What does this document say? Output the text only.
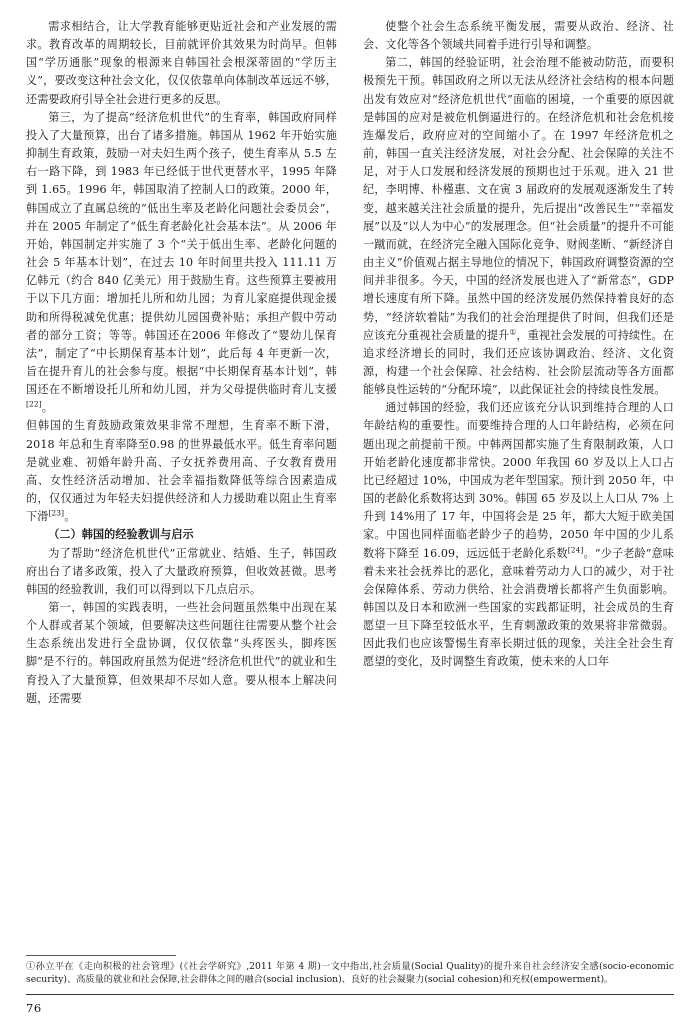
需求相结合，让大学教育能够更贴近社会和产业发展的需求。教育改革的周期较长，目前就评价其效果为时尚早。但韩国“学历通胀”现象的根源来自韩国社会根深蒂固的“学历主义”，要改变这种社会文化，仅仅依靠单向体制改革远远不够，还需要政府引导全社会进行更多的反思。

第三，为了提高“经济危机世代”的生育率，韩国政府同样投入了大量预算，出台了诸多措施。韩国从 1962 年开始实施抑制生育政策，鼓励一对夫妇生两个孩子，使生育率从 5.5 左右一路下降，到 1983 年已经低于世代更替水平，1995 年降到 1.65。1996 年，韩国取消了控制人口的政策。2000 年，韩国成立了直属总统的“低出生率及老龄化问题社会委员会”，并在 2005 年制定了“低生育老龄化社会基本法”。从 2006 年开始，韩国制定并实施了 3 个“关于低出生率、老龄化问题的社会 5 年基本计划”，在过去 10 年时间里共投入 111.11 万亿韩元（约合 840 亿美元）用于鼓励生育。这些预算主要被用于以下几方面：增加托儿所和幼儿园；为育儿家庭提供现金援助和所得税减免优惠；提供幼儿园国费补贴；承担产假中劳动者的部分工资；等等。韩国还在2006 年修改了“婴幼儿保育法”，制定了“中长期保育基本计划”，此后每 4 年更新一次，旨在提升育儿的社会参与度。根据“中长期保育基本计划”，韩国还在不断增设托儿所和幼儿园，并为父母提供临时育儿支援[22]。

但韩国的生育鼓励政策效果非常不理想，生育率不断下滑，2018 年总和生育率降至0.98 的世界最低水平。低生育率问题是就业难、初婚年龄升高、子女抚养费用高、子女教育费用高、女性经济活动增加、社会幸福指数降低等综合因素造成的，仅仅通过为年轻夫妇提供经济和人力援助难以阻止生育率下滑[23]。

（二）韩国的经验教训与启示

为了帮助“经济危机世代”正常就业、结婚、生子，韩国政府出台了诸多政策，投入了大量政府预算，但收效甚微。思考韩国的经验教训，我们可以得到以下几点启示。

第一，韩国的实践表明，一些社会问题虽然集中出现在某个人群或者某个领域，但要解决这些问题往往需要从整个社会生态系统出发进行全盘协调，仅仅依靠“头疼医头，脚疼医脚”是不行的。韩国政府虽然为促进“经济危机世代”的就业和生育投入了大量预算，但效果却不尽如人意。要从根本上解决问题，还需要

使整个社会生态系统平衡发展，需要从政治、经济、社会、文化等各个领域共同着手进行引导和调整。

第二，韩国的经验证明，社会治理不能被动防范，而要积极预先干预。韩国政府之所以无法从经济社会结构的根本问题出发有效应对“经济危机世代”面临的困境，一个重要的原因就是韩国的应对是被危机倒逼进行的。在经济危机和社会危机接连爆发后，政府应对的空间缩小了。在 1997 年经济危机之前，韩国一直关注经济发展，对社会分配、社会保障的关注不足，对于人口发展和经济发展的预期也过于乐观。进入 21 世纪，李明博、朴槿惠、文在寅 3 届政府的发展观逐渐发生了转变，越来越关注社会质量的提升，先后提出“改善民生”“幸福发展”以及“以人为中心”的发展理念。但“社会质量”的提升不可能一蹴而就，在经济完全融入国际化竞争、财阀垄断、“新经济自由主义”价值观占据主导地位的情况下，韩国政府调整资源的空间并非很多。今天，中国的经济发展也进入了“新常态”，GDP 增长速度有所下降。虽然中国的经济发展仍然保持着良好的态势，“经济软着陆”为我们的社会治理提供了时间，但我们还是应该充分重视社会质量的提升①，重视社会发展的可持续性。在追求经济增长的同时，我们还应该协调政治、经济、文化资源，构建一个社会保障、社会结构、社会阶层流动等各方面都能够良性运转的“分配环境”，以此保证社会的持续良性发展。

通过韩国的经验，我们还应该充分认识到维持合理的人口年龄结构的重要性。而要维持合理的人口年龄结构，必须在问题出现之前提前干预。中韩两国都实施了生育限制政策，人口开始老龄化速度都非常快。2000 年我国 60 岁及以上人口占比已经超过 10%，中国成为老年型国家。预计到 2050 年，中国的老龄化系数将达到 30%。韩国 65 岁及以上人口从 7% 上升到 14%用了 17 年，中国将会是 25 年，都大大短于欧美国家。中国也同样面临老龄少子的趋势，2050 年中国的少儿系数将下降至 16.09，远远低于老龄化系数[24]。“少子老龄”意味着未来社会抚养比的恶化，意味着劳动力人口的减少，对于社会保障体系、劳动力供给、社会消费增长都将产生负面影响。韩国以及日本和欧洲一些国家的实践都证明，社会成员的生育愿望一旦下降至较低水平，生育刺激政策的效果将非常微弱。因此我们也应该警惕生育率长期过低的现象，关注全社会生育愿望的变化，及时调整生育政策，使未来的人口年

①孙立平在《走向积极的社会管理》(《社会学研究》,2011 年第 4 期)一文中指出,社会质量(Social Quality)的提升来自社会经济安全感(socio-economic security)、高质量的就业和社会保障,社会群体之间的融合(social inclusion)、良好的社会凝聚力(social cohesion)和充权(empowerment)。

76
